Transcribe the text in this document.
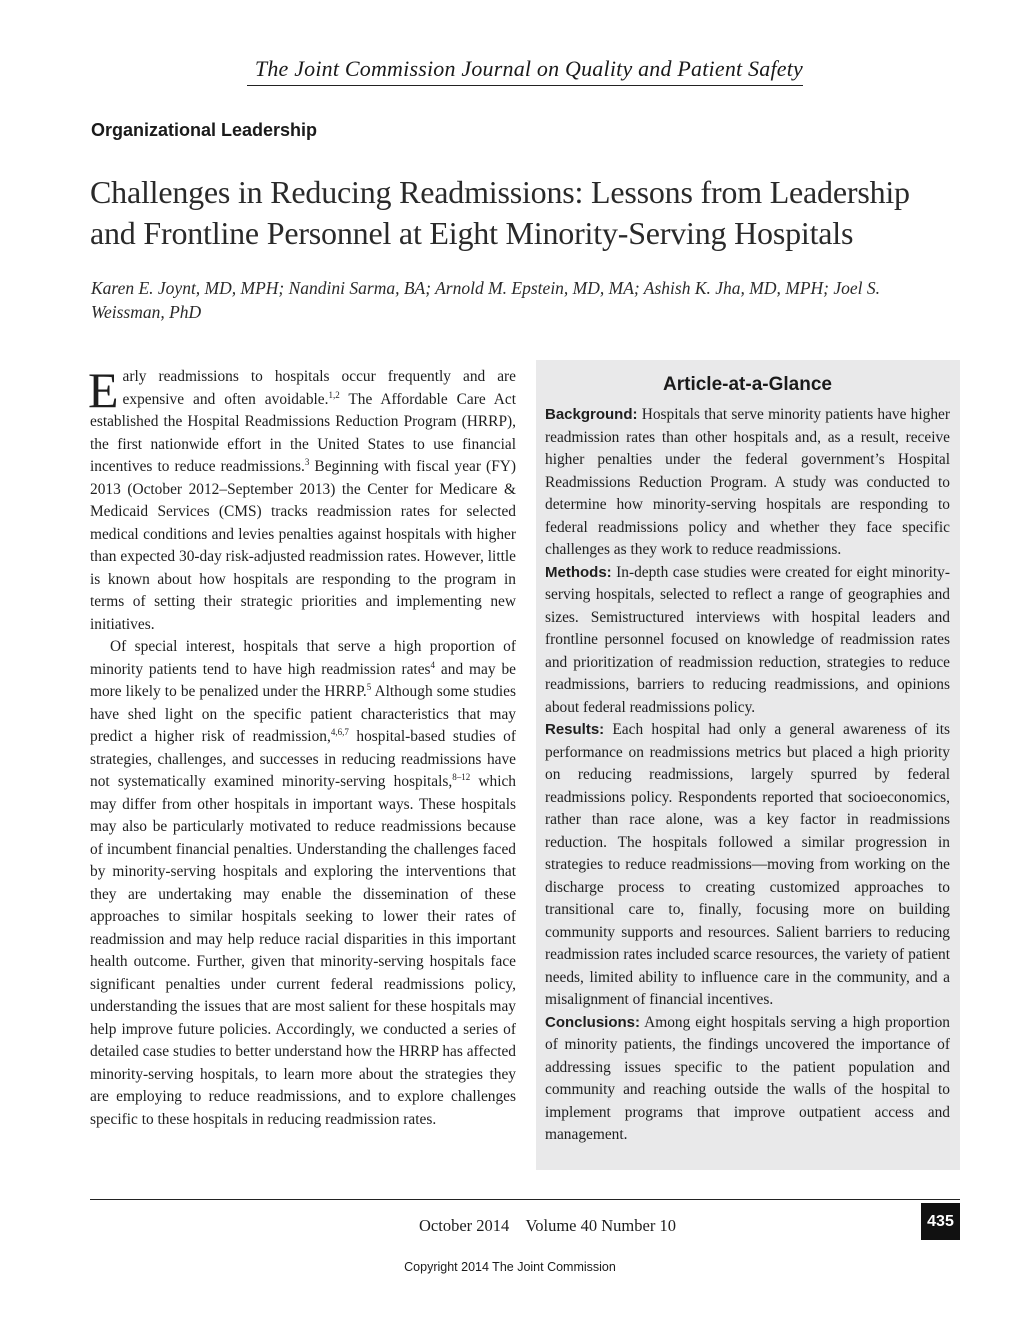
The Joint Commission Journal on Quality and Patient Safety
Organizational Leadership
Challenges in Reducing Readmissions: Lessons from Leadership and Frontline Personnel at Eight Minority-Serving Hospitals
Karen E. Joynt, MD, MPH; Nandini Sarma, BA; Arnold M. Epstein, MD, MA; Ashish K. Jha, MD, MPH; Joel S. Weissman, PhD

Early readmissions to hospitals occur frequently and are expensive and often avoidable.$^{1,2}$ The Affordable Care Act established the Hospital Readmissions Reduction Program (HRRP), the first nationwide effort in the United States to use financial incentives to reduce readmissions.$^3$ Beginning with fiscal year (FY) 2013 (October 2012–September 2013) the Center for Medicare & Medicaid Services (CMS) tracks readmission rates for selected medical conditions and levies penalties against hospitals with higher than expected 30-day risk-adjusted readmission rates. However, little is known about how hospitals are responding to the program in terms of setting their strategic priorities and implementing new initiatives.

Of special interest, hospitals that serve a high proportion of minority patients tend to have high readmission rates$^4$ and may be more likely to be penalized under the HRRP.$^5$ Although some studies have shed light on the specific patient characteristics that may predict a higher risk of readmission,$^{4,6,7}$ hospital-based studies of strategies, challenges, and successes in reducing readmissions have not systematically examined minority-serving hospitals,$^{8-12}$ which may differ from other hospitals in important ways. These hospitals may also be particularly motivated to reduce readmissions because of incumbent financial penalties. Understanding the challenges faced by minority-serving hospitals and exploring the interventions that they are undertaking may enable the dissemination of these approaches to similar hospitals seeking to lower their rates of readmission and may help reduce racial disparities in this important health outcome. Further, given that minority-serving hospitals face significant penalties under current federal readmissions policy, understanding the issues that are most salient for these hospitals may help improve future policies. Accordingly, we conducted a series of detailed case studies to better understand how the HRRP has affected minority-serving hospitals, to learn more about the strategies they are employing to reduce readmissions, and to explore challenges specific to these hospitals in reducing readmission rates.

Article-at-a-Glance

Background: Hospitals that serve minority patients have higher readmission rates than other hospitals and, as a result, receive higher penalties under the federal government’s Hospital Readmissions Reduction Program. A study was conducted to determine how minority-serving hospitals are responding to federal readmissions policy and whether they face specific challenges as they work to reduce readmissions.

Methods: In-depth case studies were created for eight minority-serving hospitals, selected to reflect a range of geographies and sizes. Semistructured interviews with hospital leaders and frontline personnel focused on knowledge of readmission rates and prioritization of readmission reduction, strategies to reduce readmissions, barriers to reducing readmissions, and opinions about federal readmissions policy.

Results: Each hospital had only a general awareness of its performance on readmissions metrics but placed a high priority on reducing readmissions, largely spurred by federal readmissions policy. Respondents reported that socioeconomics, rather than race alone, was a key factor in readmissions reduction. The hospitals followed a similar progression in strategies to reduce readmissions—moving from working on the discharge process to creating customized approaches to transitional care to, finally, focusing more on building community supports and resources. Salient barriers to reducing readmission rates included scarce resources, the variety of patient needs, limited ability to influence care in the community, and a misalignment of financial incentives.

Conclusions: Among eight hospitals serving a high proportion of minority patients, the findings uncovered the importance of addressing issues specific to the patient population and community and reaching outside the walls of the hospital to implement programs that improve outpatient access and management.

October 2014    Volume 40 Number 10	435
Copyright 2014 The Joint Commission
